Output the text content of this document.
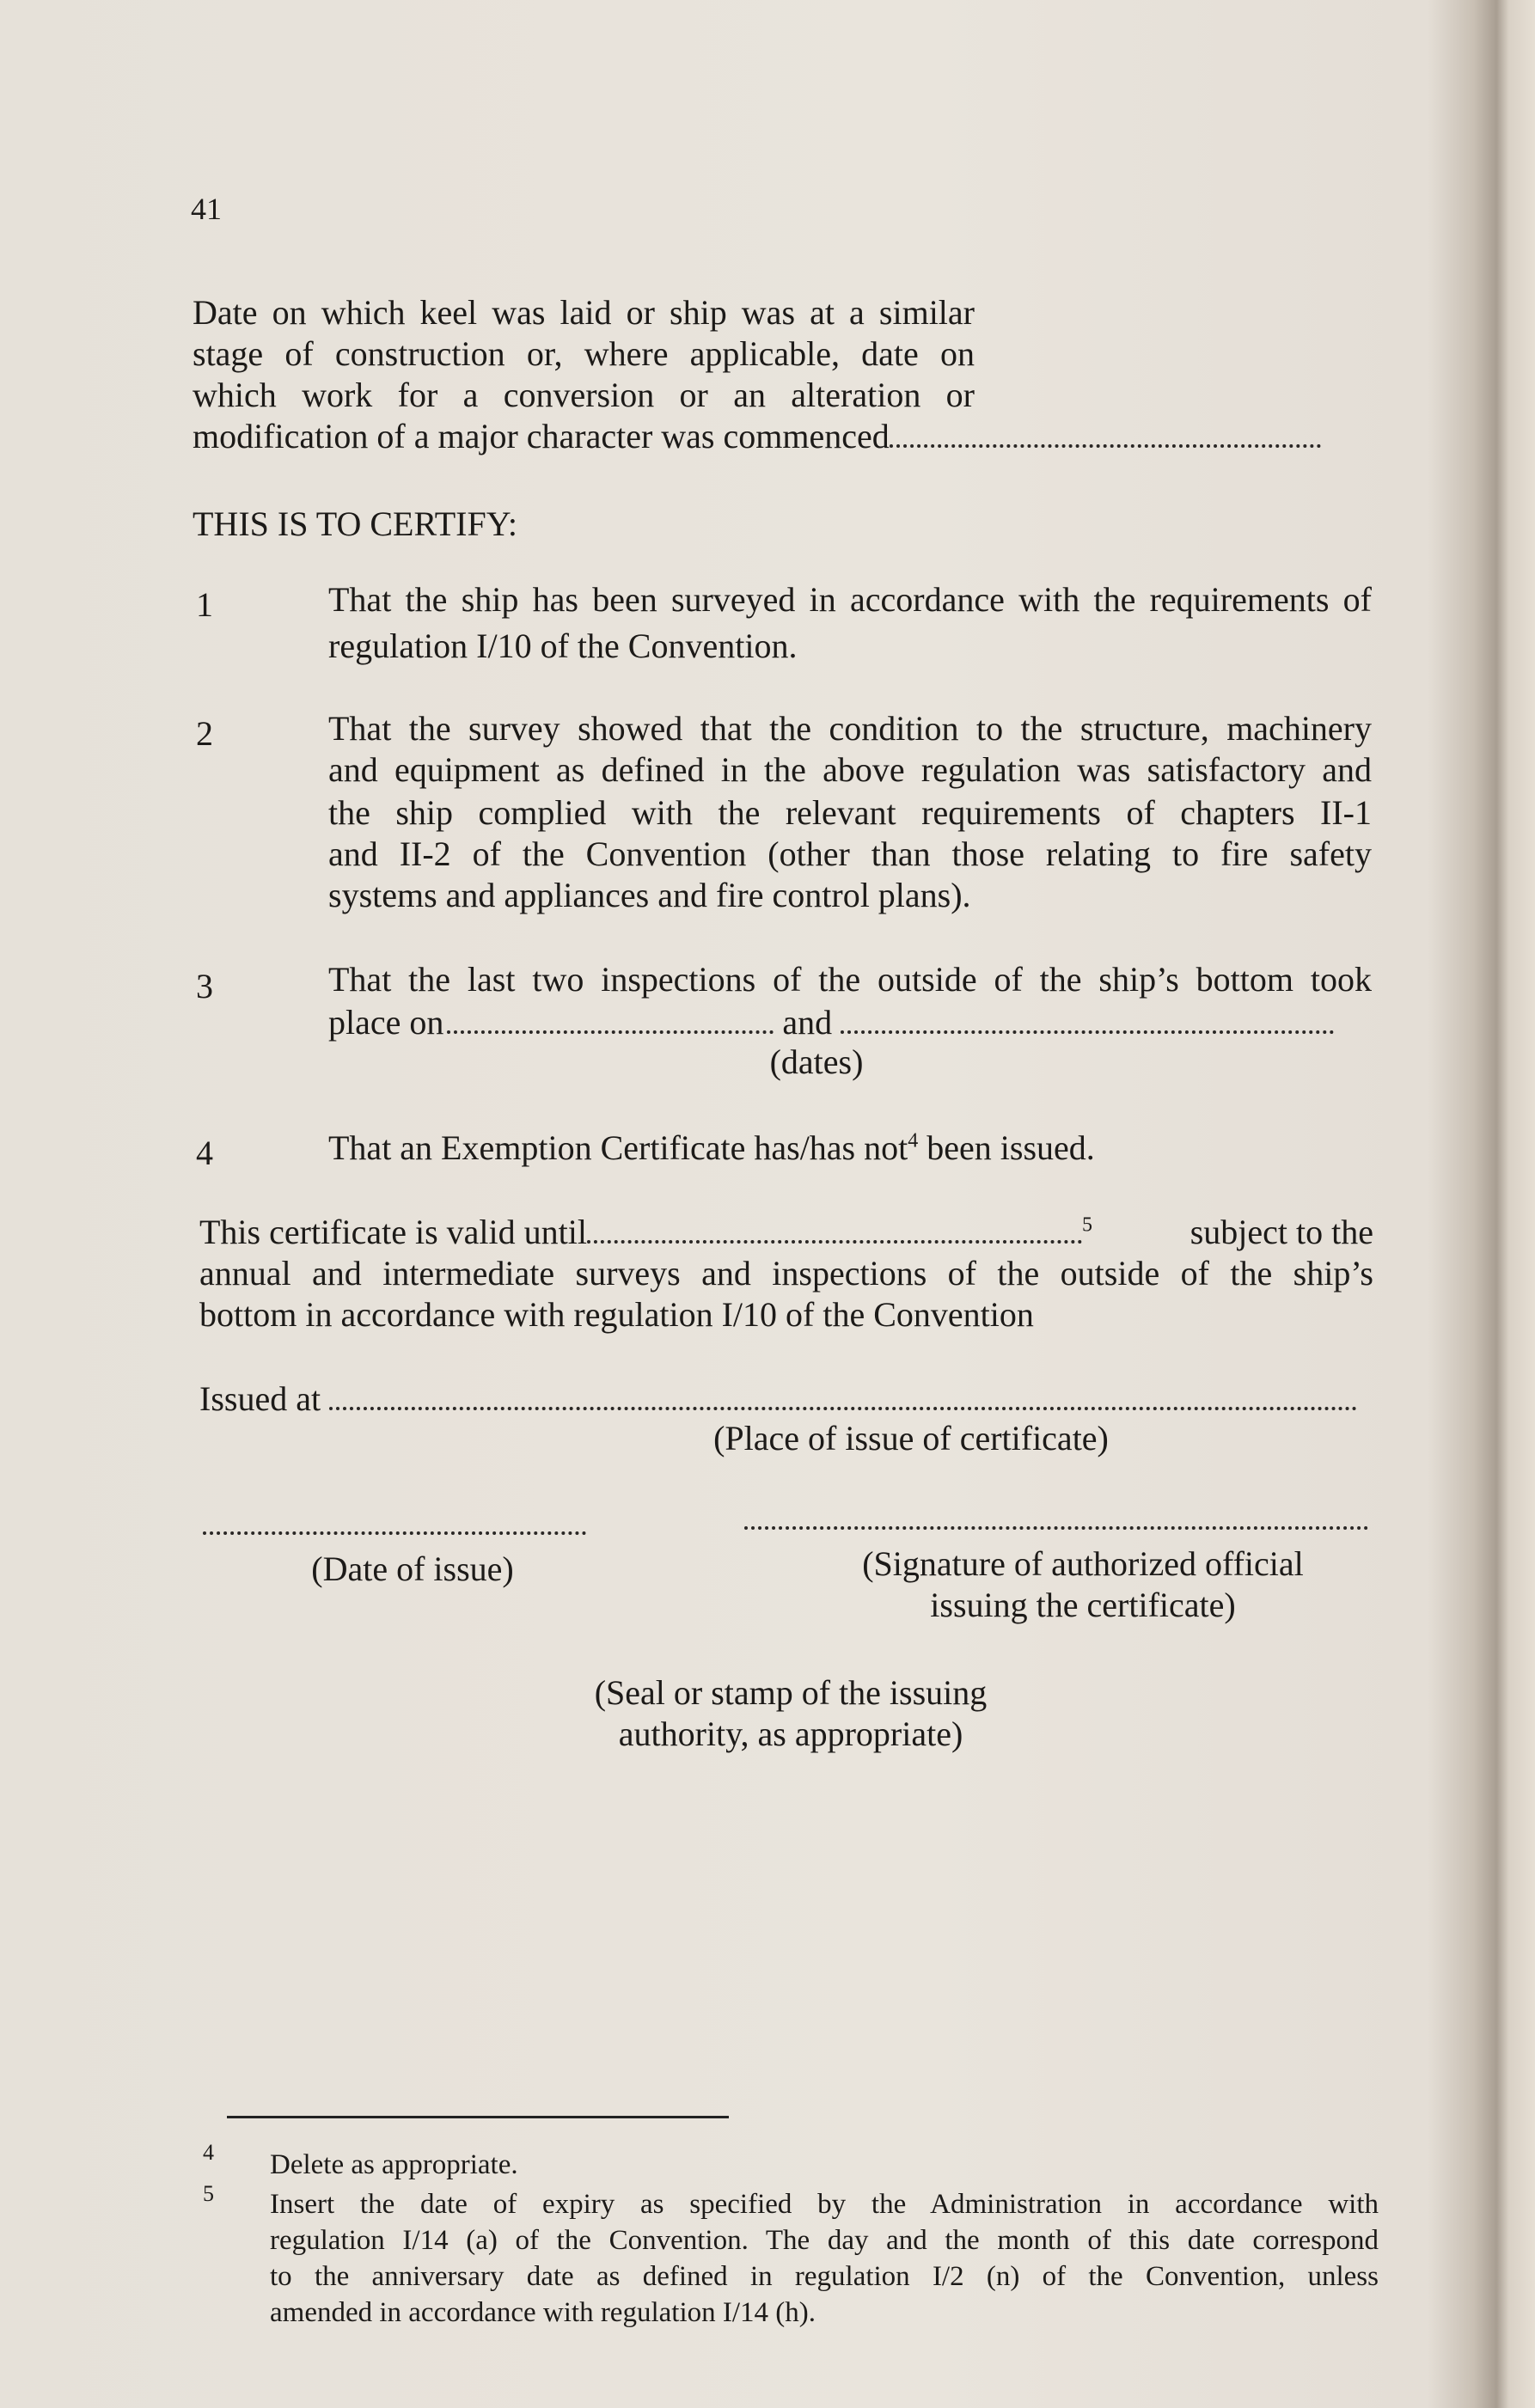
41
Date on which keel was laid or ship was at a similar
stage of construction or, where applicable, date on
which work for a conversion or an alteration or
modification of a major character was commenced
THIS IS TO CERTIFY:
1	That the ship has been surveyed in accordance with the requirements of
regulation I/10 of the Convention.
2	That the survey showed that the condition to the structure, machinery
and equipment as defined in the above regulation was satisfactory and
the ship complied with the relevant requirements of chapters II-1
and II-2 of the Convention (other than those relating to fire safety
systems and appliances and fire control plans).
3	That the last two inspections of the outside of the ship’s bottom took
place on	and
(dates)
4	That an Exemption Certificate has/has not$^4$ been issued.
This certificate is valid until	$^5$	subject to the
annual and intermediate surveys and inspections of the outside of the ship’s
bottom in accordance with regulation I/10 of the Convention
Issued at
(Place of issue of certificate)
(Date of issue)	(Signature of authorized official
issuing the certificate)
(Seal or stamp of the issuing
authority, as appropriate)
4 Delete as appropriate.
5 Insert the date of expiry as specified by the Administration in accordance with
regulation I/14 (a) of the Convention. The day and the month of this date correspond
to the anniversary date as defined in regulation I/2 (n) of the Convention, unless
amended in accordance with regulation I/14 (h).
